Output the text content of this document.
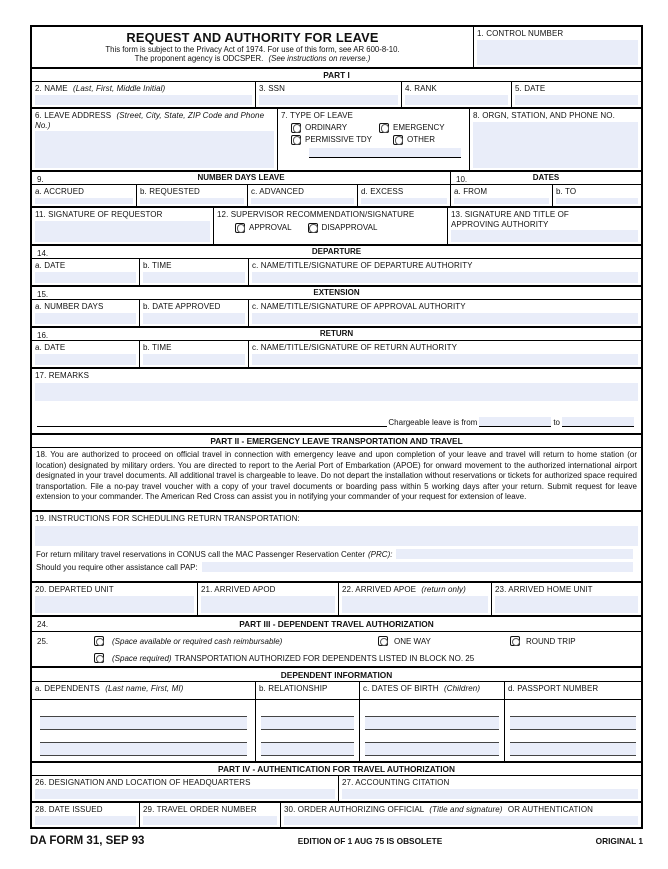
REQUEST AND AUTHORITY FOR LEAVE
This form is subject to the Privacy Act of 1974. For use of this form, see AR 600-8-10.
The proponent agency is ODCSPER. (See instructions on reverse.)
1. CONTROL NUMBER
PART I
2. NAME (Last, First, Middle Initial)	3. SSN	4. RANK	5. DATE
6. LEAVE ADDRESS (Street, City, State, ZIP Code and Phone No.)
7. TYPE OF LEAVE
ORDINARY	EMERGENCY
PERMISSIVE TDY	OTHER
8. ORGN, STATION, AND PHONE NO.
9.	NUMBER DAYS LEAVE
a. ACCRUED	b. REQUESTED	c. ADVANCED	d. EXCESS
10.	DATES
a. FROM	b. TO
11. SIGNATURE OF REQUESTOR	12. SUPERVISOR RECOMMENDATION/SIGNATURE
APPROVAL	DISAPPROVAL
13. SIGNATURE AND TITLE OF APPROVING AUTHORITY
14.	DEPARTURE
a. DATE	b. TIME	c. NAME/TITLE/SIGNATURE OF DEPARTURE AUTHORITY
15.	EXTENSION
a. NUMBER DAYS	b. DATE APPROVED	c. NAME/TITLE/SIGNATURE OF APPROVAL AUTHORITY
16.	RETURN
a. DATE	b. TIME	c. NAME/TITLE/SIGNATURE OF RETURN AUTHORITY
17. REMARKS
Chargeable leave is from	to
PART II - EMERGENCY LEAVE TRANSPORTATION AND TRAVEL
18. You are authorized to proceed on official travel in connection with emergency leave and upon completion of your leave and travel will return to home station (or location) designated by military orders. You are directed to report to the Aerial Port of Embarkation (APOE) for onward movement to the authorized international airport designated in your travel documents. All additional travel is chargeable to leave. Do not depart the installation without reservations or tickets for authorized space required transportation. File a no-pay travel voucher with a copy of your travel documents or boarding pass within 5 working days after your return. Submit request for leave extension to your commander. The American Red Cross can assist you in notifying your commander of your request for extension of leave.
19. INSTRUCTIONS FOR SCHEDULING RETURN TRANSPORTATION:
For return military travel reservations in CONUS call the MAC Passenger Reservation Center (PRC):
Should you require other assistance call PAP:
20. DEPARTED UNIT	21. ARRIVED APOD	22. ARRIVED APOE (return only)	23. ARRIVED HOME UNIT
24.	PART III - DEPENDENT TRAVEL AUTHORIZATION
25.	(Space available or required cash reimbursable)	ONE WAY	ROUND TRIP
(Space required) TRANSPORTATION AUTHORIZED FOR DEPENDENTS LISTED IN BLOCK NO. 25
DEPENDENT INFORMATION
a. DEPENDENTS (Last name, First, MI)	b. RELATIONSHIP	c. DATES OF BIRTH (Children)	d. PASSPORT NUMBER
PART IV - AUTHENTICATION FOR TRAVEL AUTHORIZATION
26. DESIGNATION AND LOCATION OF HEADQUARTERS	27. ACCOUNTING CITATION
28. DATE ISSUED	29. TRAVEL ORDER NUMBER	30. ORDER AUTHORIZING OFFICIAL (Title and signature) OR AUTHENTICATION
DA FORM 31, SEP 93	EDITION OF 1 AUG 75 IS OBSOLETE	ORIGINAL 1
